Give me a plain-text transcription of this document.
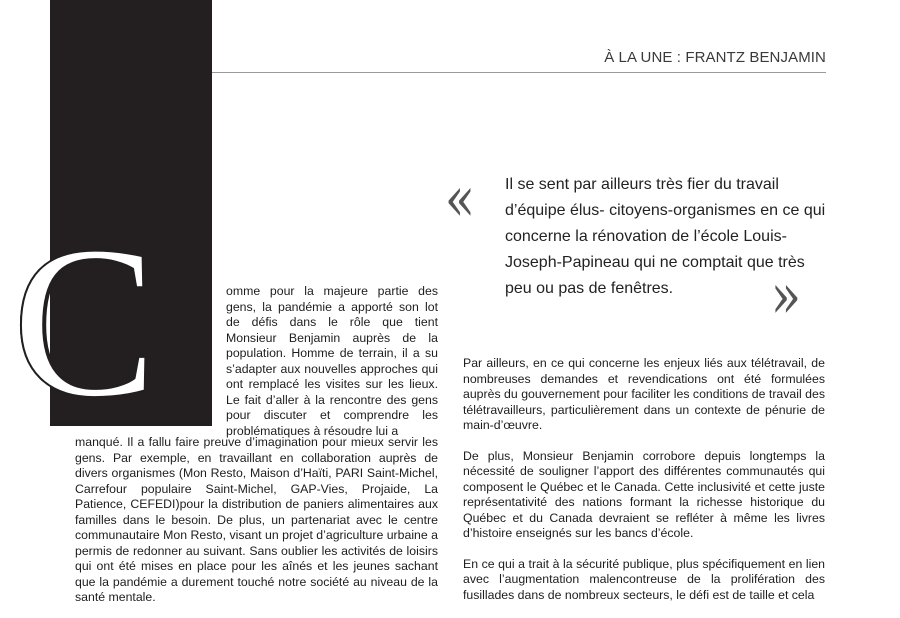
À LA UNE : FRANTZ BENJAMIN
C
« Il se sent par ailleurs très fier du travail d’équipe élus- citoyens-organismes en ce qui concerne la rénovation de l’école Louis-Joseph-Papineau qui ne comptait que très peu ou pas de fenêtres.	»

omme pour la majeure partie des gens, la pandémie a apporté son lot de défis dans le rôle que tient Monsieur Benjamin auprès de la population. Homme de terrain, il a su s’adapter aux nouvelles approches qui ont remplacé les visites sur les lieux. Le fait d’aller à la rencontre des gens pour discuter et comprendre les problématiques à résoudre lui a

manqué. Il a fallu faire preuve d’imagination pour mieux servir les gens. Par exemple, en travaillant en collaboration auprès de divers organismes (Mon Resto, Maison d’Haïti, PARI Saint-Michel, Carrefour populaire Saint-Michel, GAP-Vies, Projaide, La Patience, CEFEDI)pour la distribution de paniers alimentaires aux familles dans le besoin. De plus, un partenariat avec le centre communautaire Mon Resto, visant un projet d’agriculture urbaine a permis de redonner au suivant. Sans oublier les activités de loisirs qui ont été mises en place pour les aînés et les jeunes sachant que la pandémie a durement touché notre société au niveau de la santé mentale.

Par ailleurs, en ce qui concerne les enjeux liés aux télétravail, de nombreuses demandes et revendications ont été formulées auprès du gouvernement pour faciliter les conditions de travail des télétravailleurs, particulièrement dans un contexte de pénurie de main-d’œuvre.

De plus, Monsieur Benjamin corrobore depuis longtemps la nécessité de souligner l’apport des différentes communautés qui composent le Québec et le Canada. Cette inclusivité et cette juste représentativité des nations formant la richesse historique du Québec et du Canada devraient se refléter à même les livres d’histoire enseignés sur les bancs d’école.

En ce qui a trait à la sécurité publique, plus spécifiquement en lien avec l’augmentation malencontreuse de la prolifération des fusillades dans de nombreux secteurs, le défi est de taille et cela
